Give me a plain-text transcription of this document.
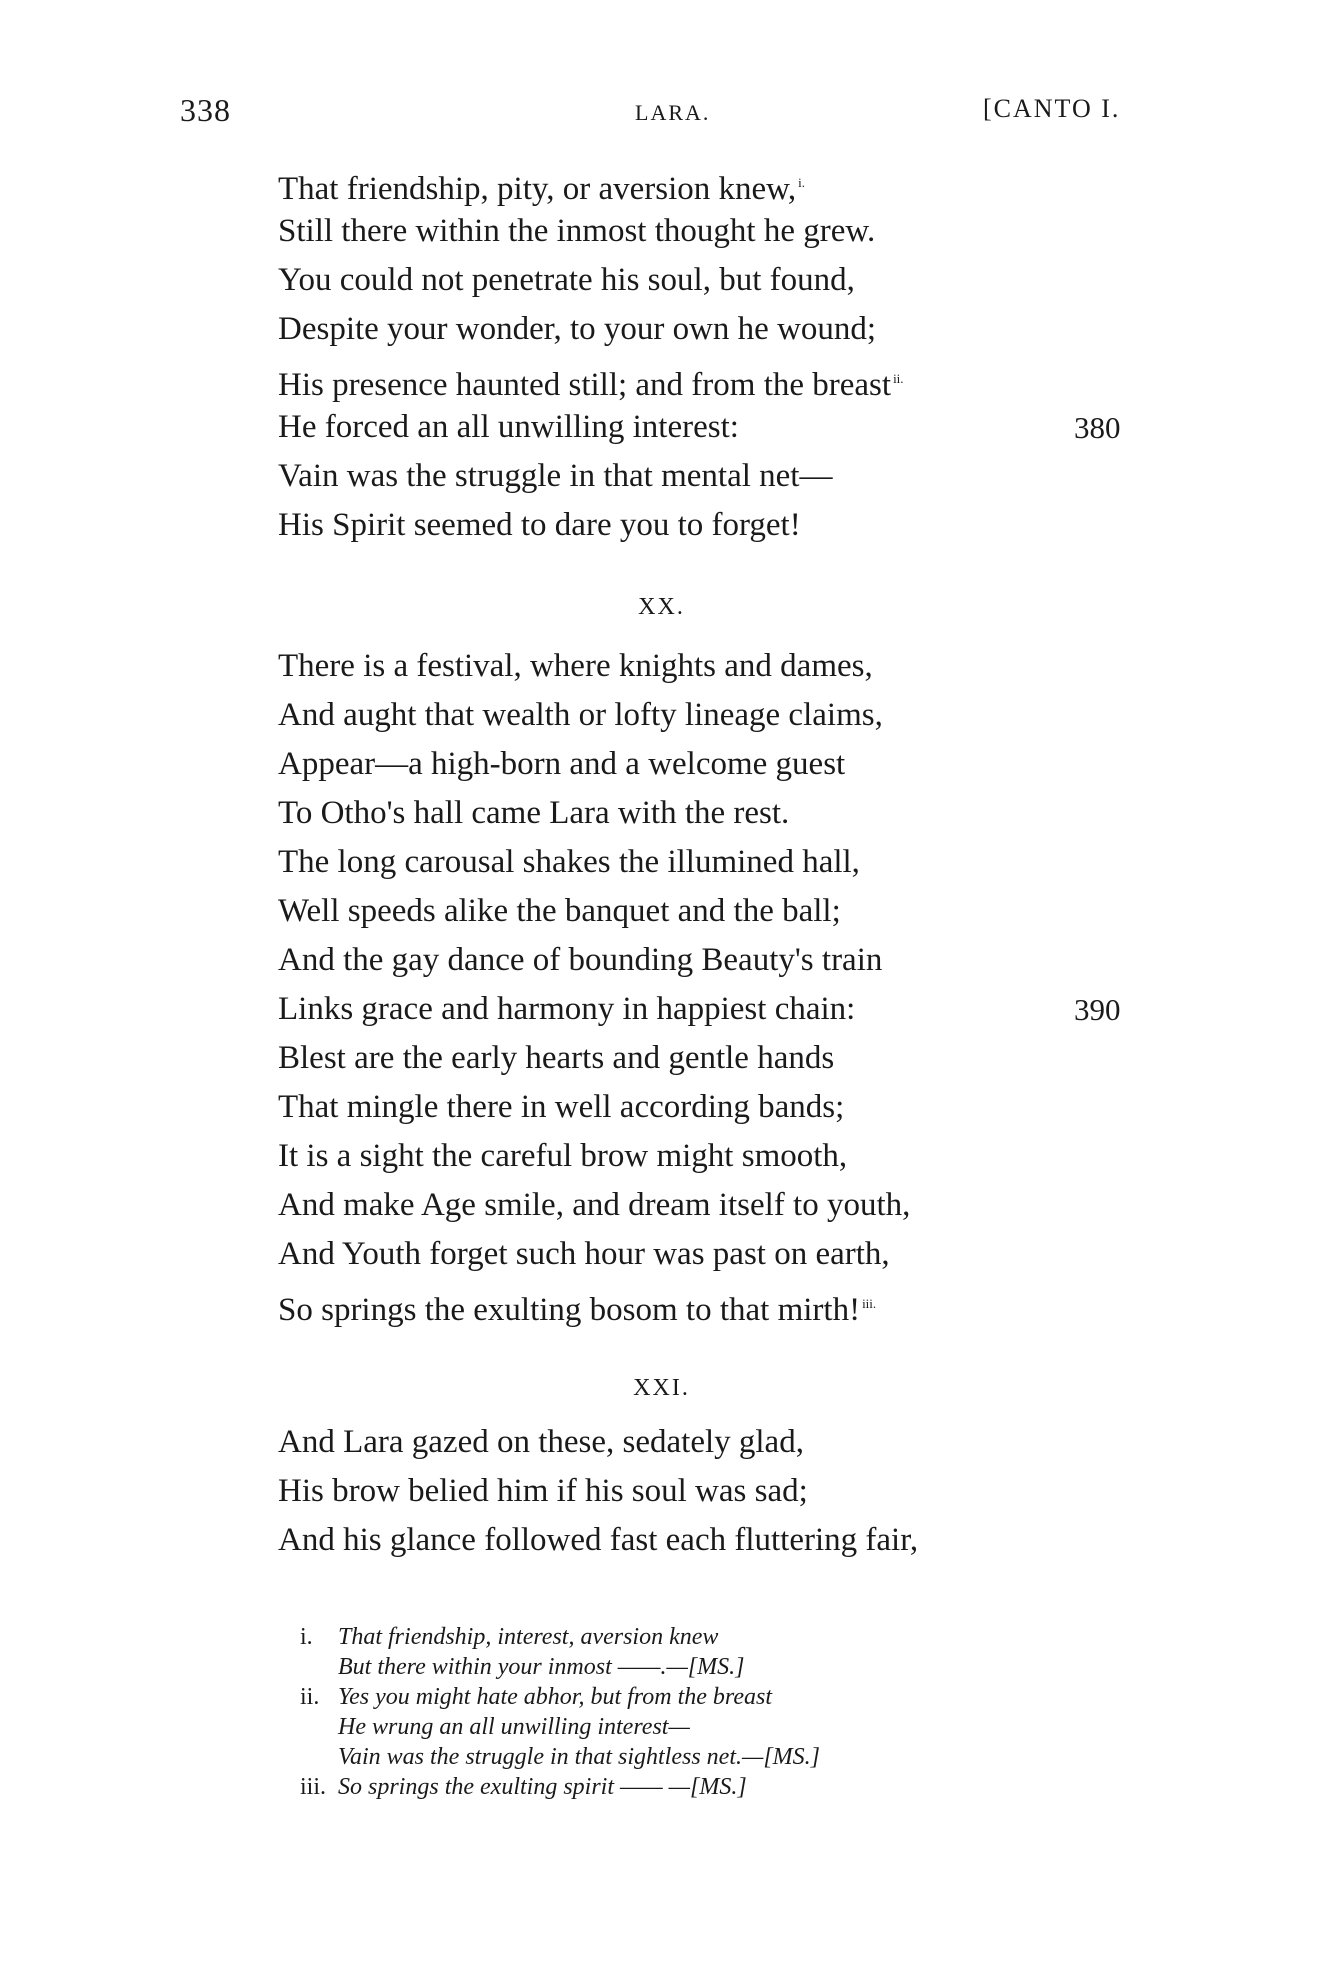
338	LARA.	[CANTO I.
That friendship, pity, or aversion knew, $^{i.}$
Still there within the inmost thought he grew.
You could not penetrate his soul, but found,
Despite your wonder, to your own he wound;
His presence haunted still; and from the breast $^{ii.}$
He forced an all unwilling interest:	380
Vain was the struggle in that mental net—
His Spirit seemed to dare you to forget!
XX.
There is a festival, where knights and dames,
And aught that wealth or lofty lineage claims,
Appear—a high-born and a welcome guest
To Otho's hall came Lara with the rest.
The long carousal shakes the illumined hall,
Well speeds alike the banquet and the ball;
And the gay dance of bounding Beauty's train
Links grace and harmony in happiest chain:	390
Blest are the early hearts and gentle hands
That mingle there in well according bands;
It is a sight the careful brow might smooth,
And make Age smile, and dream itself to youth,
And Youth forget such hour was past on earth,
So springs the exulting bosom to that mirth! $^{iii.}$
XXI.
And Lara gazed on these, sedately glad,
His brow belied him if his soul was sad;
And his glance followed fast each fluttering fair,
i. That friendship, interest, aversion knew
But there within your inmost ——.—[MS.]
ii. Yes you might hate abhor, but from the breast
He wrung an all unwilling interest—
Vain was the struggle in that sightless net.—[MS.]
iii. So springs the exulting spirit —— —[MS.]
